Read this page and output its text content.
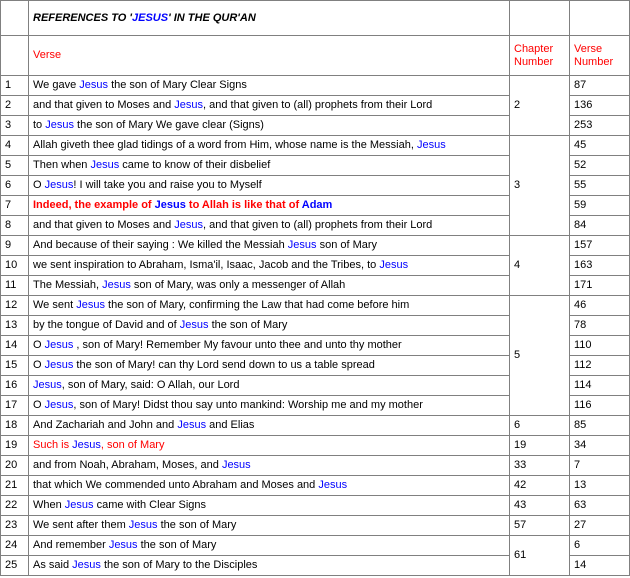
	REFERENCES TO 'JESUS' IN THE QUR'AN		
	Verse	Chapter Number	Verse Number
1	We gave Jesus the son of Mary Clear Signs	2	87
2	and that given to Moses and Jesus, and that given to (all) prophets from their Lord		136
3	to Jesus the son of Mary We gave clear (Signs)		253
4	Allah giveth thee glad tidings of a word from Him, whose name is the Messiah, Jesus	3	45
5	Then when Jesus came to know of their disbelief		52
6	O Jesus! I will take you and raise you to Myself		55
7	Indeed, the example of Jesus to Allah is like that of Adam		59
8	and that given to Moses and Jesus, and that given to (all) prophets from their Lord		84
9	And because of their saying : We killed the Messiah Jesus son of Mary	4	157
10	we sent inspiration to Abraham, Isma'il, Isaac, Jacob and the Tribes, to Jesus		163
11	The Messiah, Jesus son of Mary, was only a messenger of Allah		171
12	We sent Jesus the son of Mary, confirming the Law that had come before him	5	46
13	by the tongue of David and of Jesus the son of Mary		78
14	O Jesus , son of Mary! Remember My favour unto thee and unto thy mother		110
15	O Jesus the son of Mary! can thy Lord send down to us a table spread		112
16	Jesus, son of Mary, said: O Allah, our Lord		114
17	O Jesus, son of Mary! Didst thou say unto mankind: Worship me and my mother		116
18	And Zachariah and John and Jesus and Elias	6	85
19	Such is Jesus, son of Mary	19	34
20	and from Noah, Abraham, Moses, and Jesus	33	7
21	that which We commended unto Abraham and Moses and Jesus	42	13
22	When Jesus came with Clear Signs	43	63
23	We sent after them Jesus the son of Mary	57	27
24	And remember Jesus the son of Mary	61	6
25	As said Jesus the son of Mary to the Disciples		14
